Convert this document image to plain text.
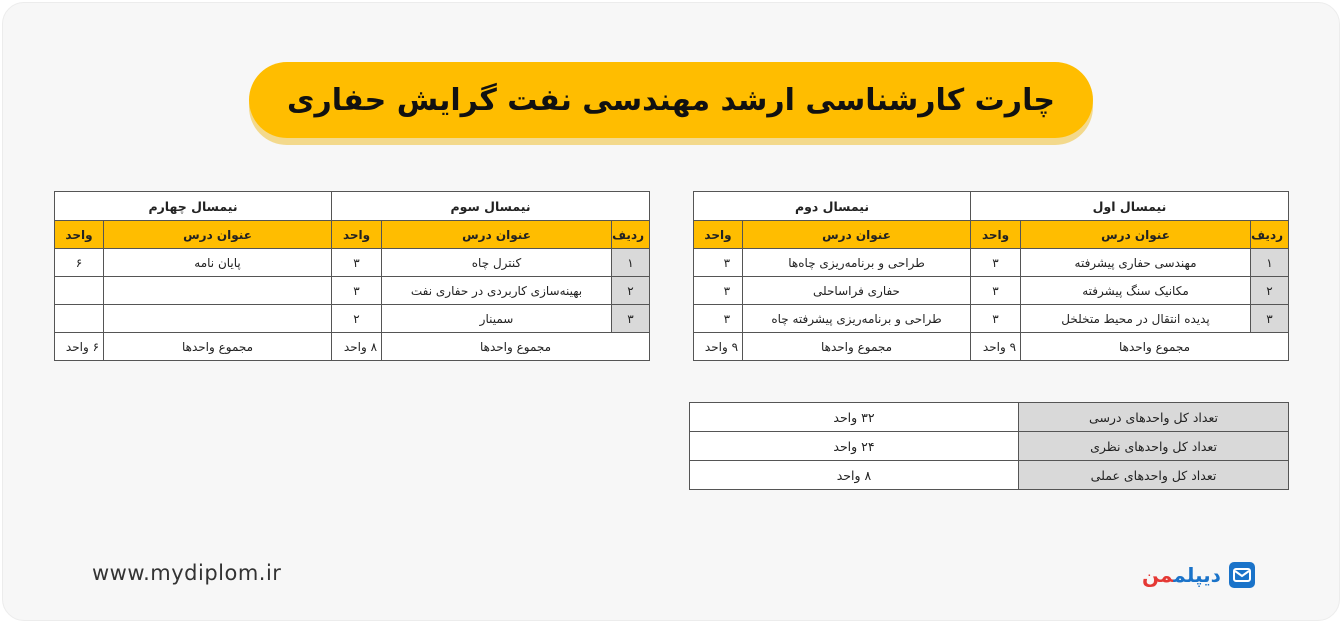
چارت کارشناسی ارشد مهندسی نفت گرایش حفاری
نیمسال اول			نیمسال دوم	
ردیف	عنوان درس	واحد	عنوان درس	واحد
۱	مهندسی حفاری پیشرفته	۳	طراحی و برنامه‌ریزی چاه‌ها	۳
۲	مکانیک سنگ پیشرفته	۳	حفاری فراساحلی	۳
۳	پدیده انتقال در محیط متخلخل	۳	طراحی و برنامه‌ریزی پیشرفته چاه	۳
مجموع واحدها		۹ واحد	مجموع واحدها	۹ واحد
نیمسال سوم			نیمسال چهارم	
ردیف	عنوان درس	واحد	عنوان درس	واحد
۱	کنترل چاه	۳	پایان نامه	۶
۲	بهینه‌سازی کاربردی در حفاری نفت	۳		
۳	سمینار	۲		
مجموع واحدها		۸ واحد	مجموع واحدها	۶ واحد
تعداد کل واحدهای درسی	۳۲ واحد
تعداد کل واحدهای نظری	۲۴ واحد
تعداد کل واحدهای عملی	۸ واحد
www.mydiplom.ir	دیپلممن
